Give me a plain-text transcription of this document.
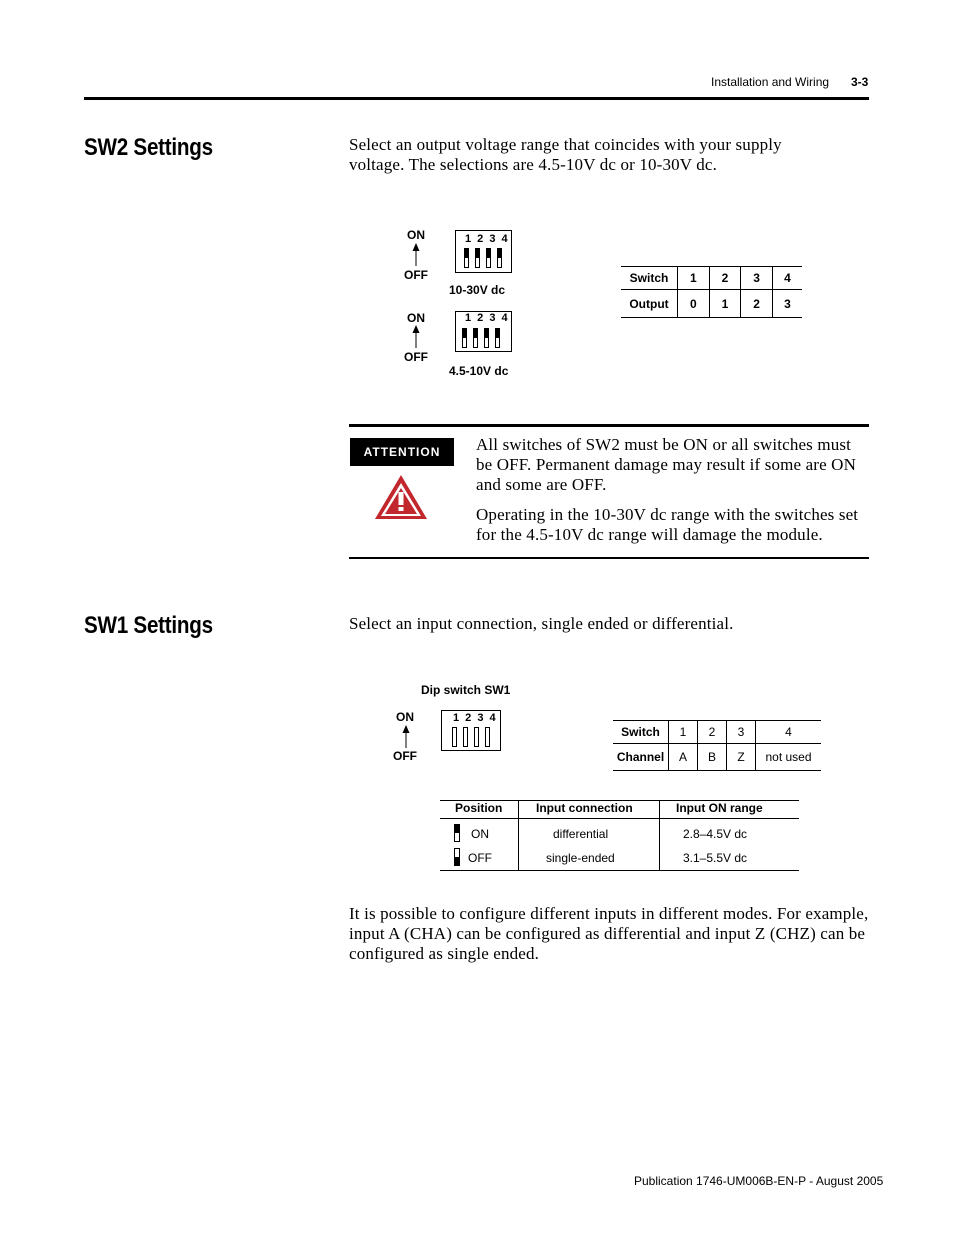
Installation and Wiring 3-3
SW2 Settings	Select an output voltage range that coincides with your supply voltage. The selections are 4.5-10V dc or 10-30V dc.
ON
OFF
1 2 3 4
10-30V dc
ON
OFF
1 2 3 4
4.5-10V dc
Switch	1	2	3	4
Output	0	1	2	3
ATTENTION	All switches of SW2 must be ON or all switches must be OFF. Permanent damage may result if some are ON and some are OFF.
Operating in the 10-30V dc range with the switches set for the 4.5-10V dc range will damage the module.
SW1 Settings	Select an input connection, single ended or differential.
Dip switch SW1
ON
OFF
1 2 3 4
Switch	1	2	3	4
Channel	A	B	Z	not used
Position	Input connection	Input ON range
ON	differential	2.8–4.5V dc
OFF	single-ended	3.1–5.5V dc
It is possible to configure different inputs in different modes. For example, input A (CHA) can be configured as differential and input Z (CHZ) can be configured as single ended.
Publication 1746-UM006B-EN-P - August 2005
